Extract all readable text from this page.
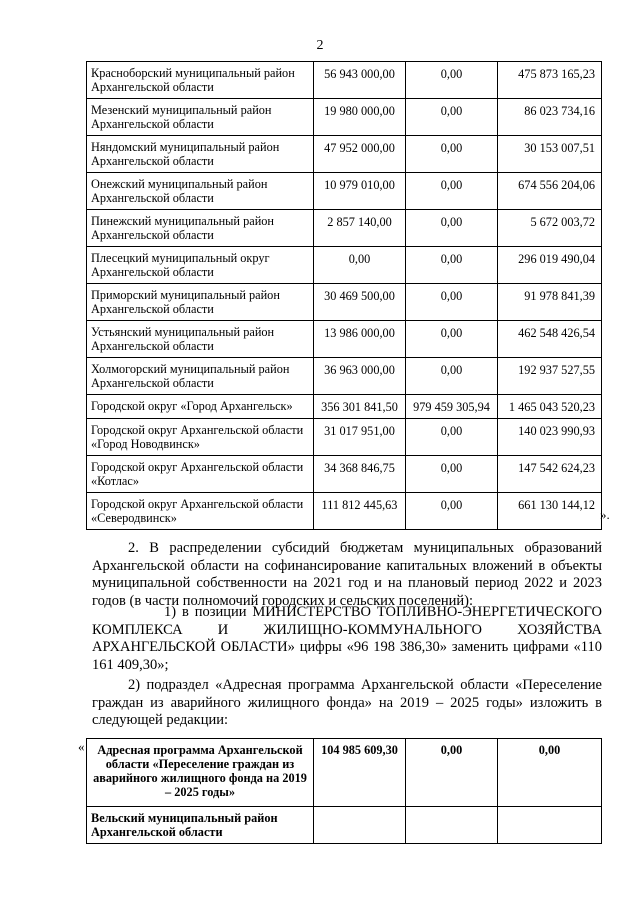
2
Красноборский муниципальный район Архангельской области	56 943 000,00	0,00	475 873 165,23
Мезенский муниципальный район Архангельской области	19 980 000,00	0,00	86 023 734,16
Няндомский муниципальный район Архангельской области	47 952 000,00	0,00	30 153 007,51
Онежский муниципальный район Архангельской области	10 979 010,00	0,00	674 556 204,06
Пинежский муниципальный район Архангельской области	2 857 140,00	0,00	5 672 003,72
Плесецкий муниципальный округ Архангельской области	0,00	0,00	296 019 490,04
Приморский муниципальный район Архангельской области	30 469 500,00	0,00	91 978 841,39
Устьянский муниципальный район Архангельской области	13 986 000,00	0,00	462 548 426,54
Холмогорский муниципальный район Архангельской области	36 963 000,00	0,00	192 937 527,55
Городской округ «Город Архангельск»	356 301 841,50	979 459 305,94	1 465 043 520,23
Городской округ Архангельской области «Город Новодвинск»	31 017 951,00	0,00	140 023 990,93
Городской округ Архангельской области «Котлас»	34 368 846,75	0,00	147 542 624,23
Городской округ Архангельской области «Северодвинск»	111 812 445,63	0,00	661 130 144,12
».
2. В распределении субсидий бюджетам муниципальных образований Архангельской области на софинансирование капитальных вложений в объекты муниципальной собственности на 2021 год и на плановый период 2022 и 2023 годов (в части полномочий городских и сельских поселений):
1) в позиции МИНИСТЕРСТВО ТОПЛИВНО-ЭНЕРГЕТИЧЕСКОГО КОМПЛЕКСА И ЖИЛИЩНО-КОММУНАЛЬНОГО ХОЗЯЙСТВА АРХАНГЕЛЬСКОЙ ОБЛАСТИ» цифры «96 198 386,30» заменить цифрами «110 161 409,30»;
2) подраздел «Адресная программа Архангельской области «Переселение граждан из аварийного жилищного фонда» на 2019 – 2025 годы» изложить в следующей редакции:
« Адресная программа Архангельской области «Переселение граждан из аварийного жилищного фонда на 2019 – 2025 годы»	104 985 609,30	0,00	0,00
Вельский муниципальный район Архангельской области			
